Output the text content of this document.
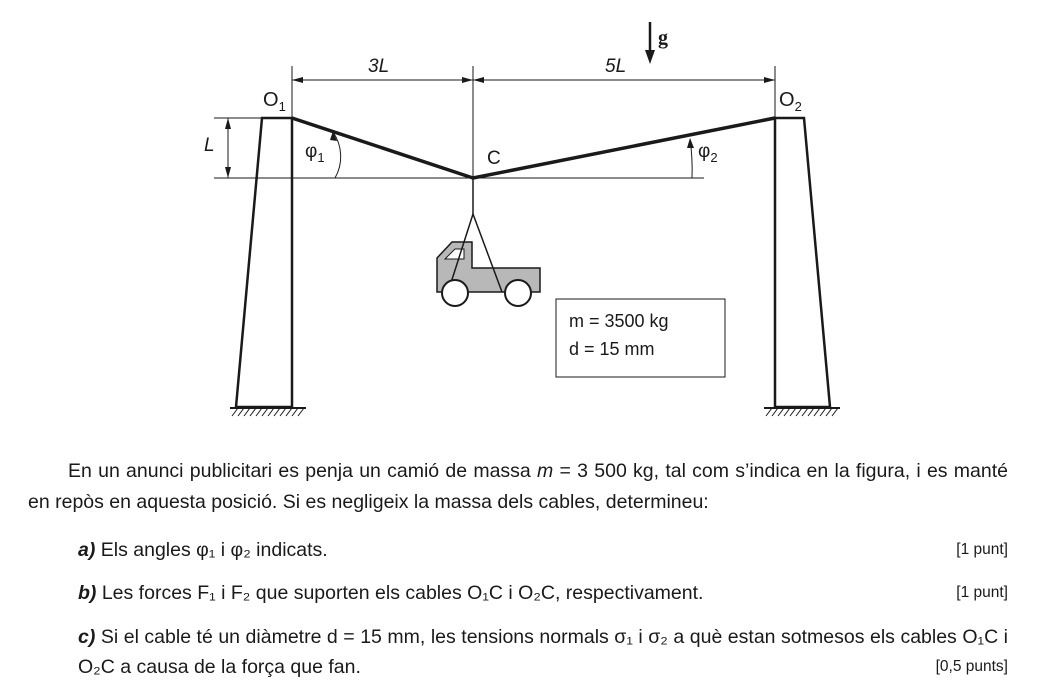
3L	5L
g
L
$O_1$	$O_2$
C
$\varphi_1$	$\varphi_2$
m = 3500 kg
d = 15 mm
En un anunci publicitari es penja un camió de massa m = 3 500 kg, tal com s’indica en la figura, i es manté en repòs en aquesta posició. Si es negligeix la massa dels cables, determineu:
a) Els angles φ₁ i φ₂ indicats.	[1 punt]
b) Les forces F₁ i F₂ que suporten els cables O₁C i O₂C, respectivament.	[1 punt]
c) Si el cable té un diàmetre d = 15 mm, les tensions normals σ₁ i σ₂ a què estan sotmesos els cables O₁C i O₂C a causa de la força que fan.	[0,5 punts]
